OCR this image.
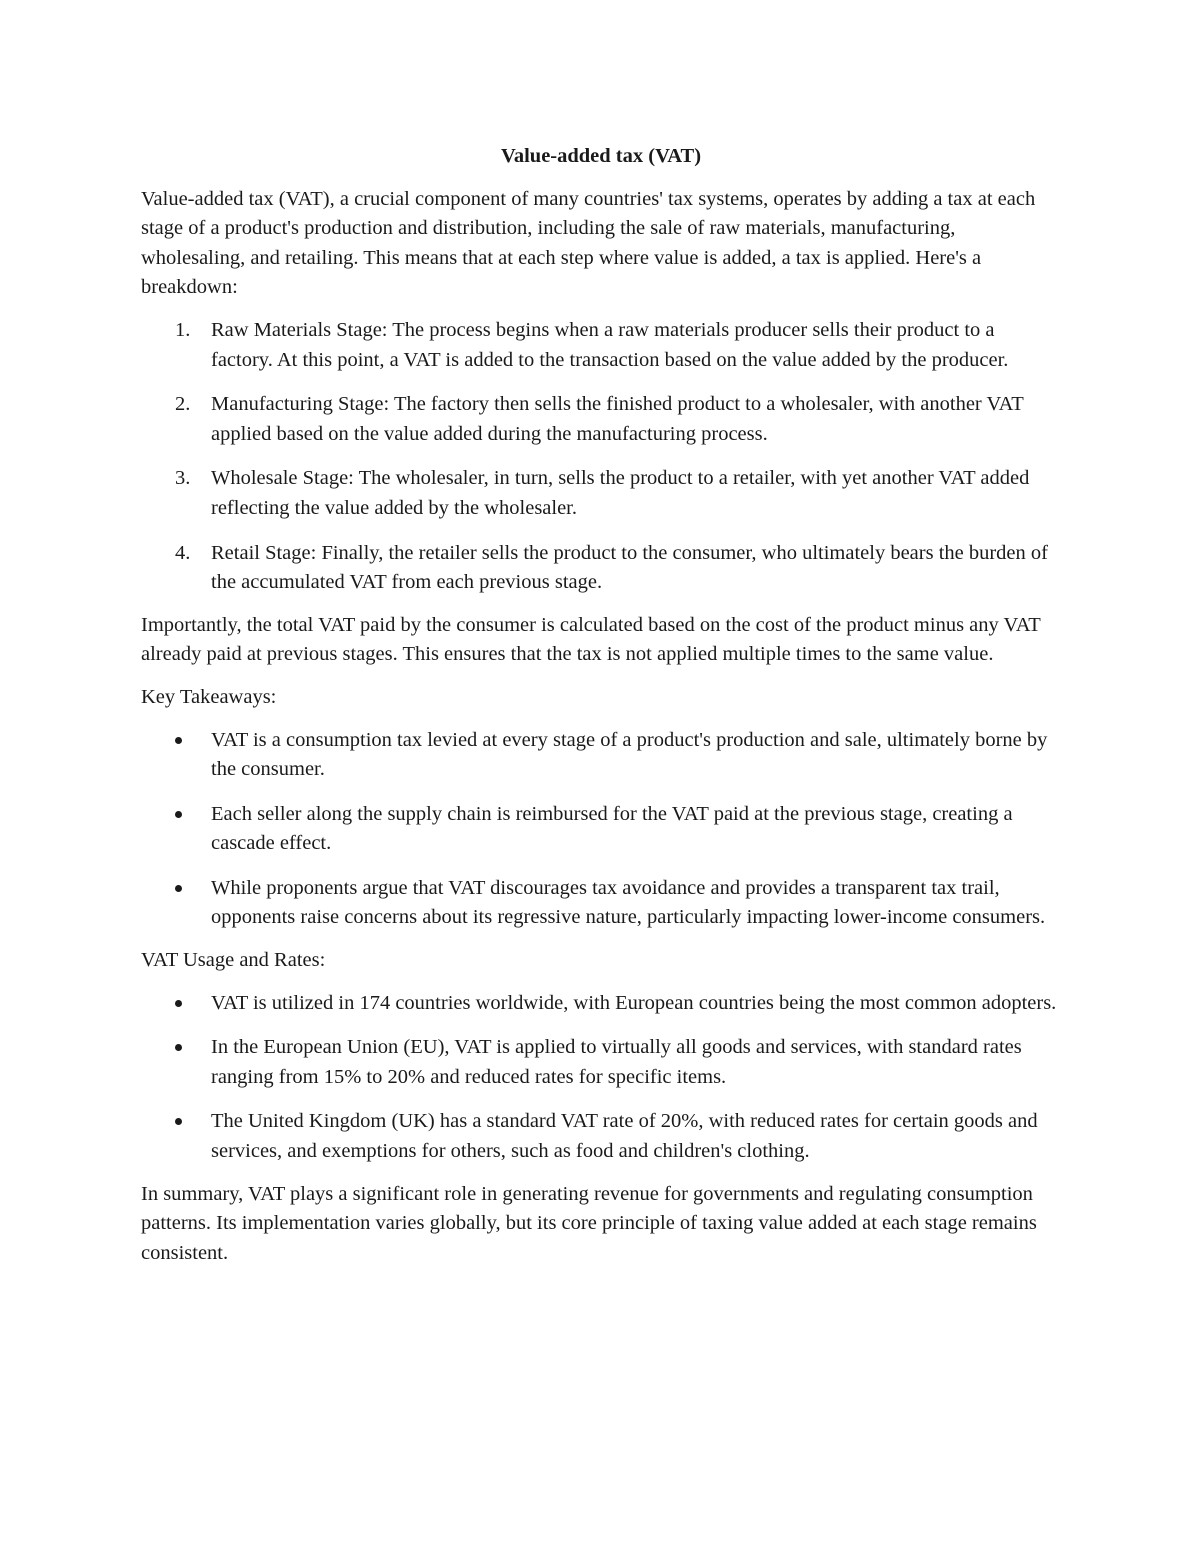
Value-added tax (VAT)

Value-added tax (VAT), a crucial component of many countries' tax systems, operates by adding a tax at each stage of a product's production and distribution, including the sale of raw materials, manufacturing, wholesaling, and retailing. This means that at each step where value is added, a tax is applied. Here's a breakdown:

1. Raw Materials Stage: The process begins when a raw materials producer sells their product to a factory. At this point, a VAT is added to the transaction based on the value added by the producer.
2. Manufacturing Stage: The factory then sells the finished product to a wholesaler, with another VAT applied based on the value added during the manufacturing process.
3. Wholesale Stage: The wholesaler, in turn, sells the product to a retailer, with yet another VAT added reflecting the value added by the wholesaler.
4. Retail Stage: Finally, the retailer sells the product to the consumer, who ultimately bears the burden of the accumulated VAT from each previous stage.

Importantly, the total VAT paid by the consumer is calculated based on the cost of the product minus any VAT already paid at previous stages. This ensures that the tax is not applied multiple times to the same value.

Key Takeaways:

VAT is a consumption tax levied at every stage of a product's production and sale, ultimately borne by the consumer.
Each seller along the supply chain is reimbursed for the VAT paid at the previous stage, creating a cascade effect.
While proponents argue that VAT discourages tax avoidance and provides a transparent tax trail, opponents raise concerns about its regressive nature, particularly impacting lower-income consumers.

VAT Usage and Rates:

VAT is utilized in 174 countries worldwide, with European countries being the most common adopters.
In the European Union (EU), VAT is applied to virtually all goods and services, with standard rates ranging from 15% to 20% and reduced rates for specific items.
The United Kingdom (UK) has a standard VAT rate of 20%, with reduced rates for certain goods and services, and exemptions for others, such as food and children's clothing.

In summary, VAT plays a significant role in generating revenue for governments and regulating consumption patterns. Its implementation varies globally, but its core principle of taxing value added at each stage remains consistent.
